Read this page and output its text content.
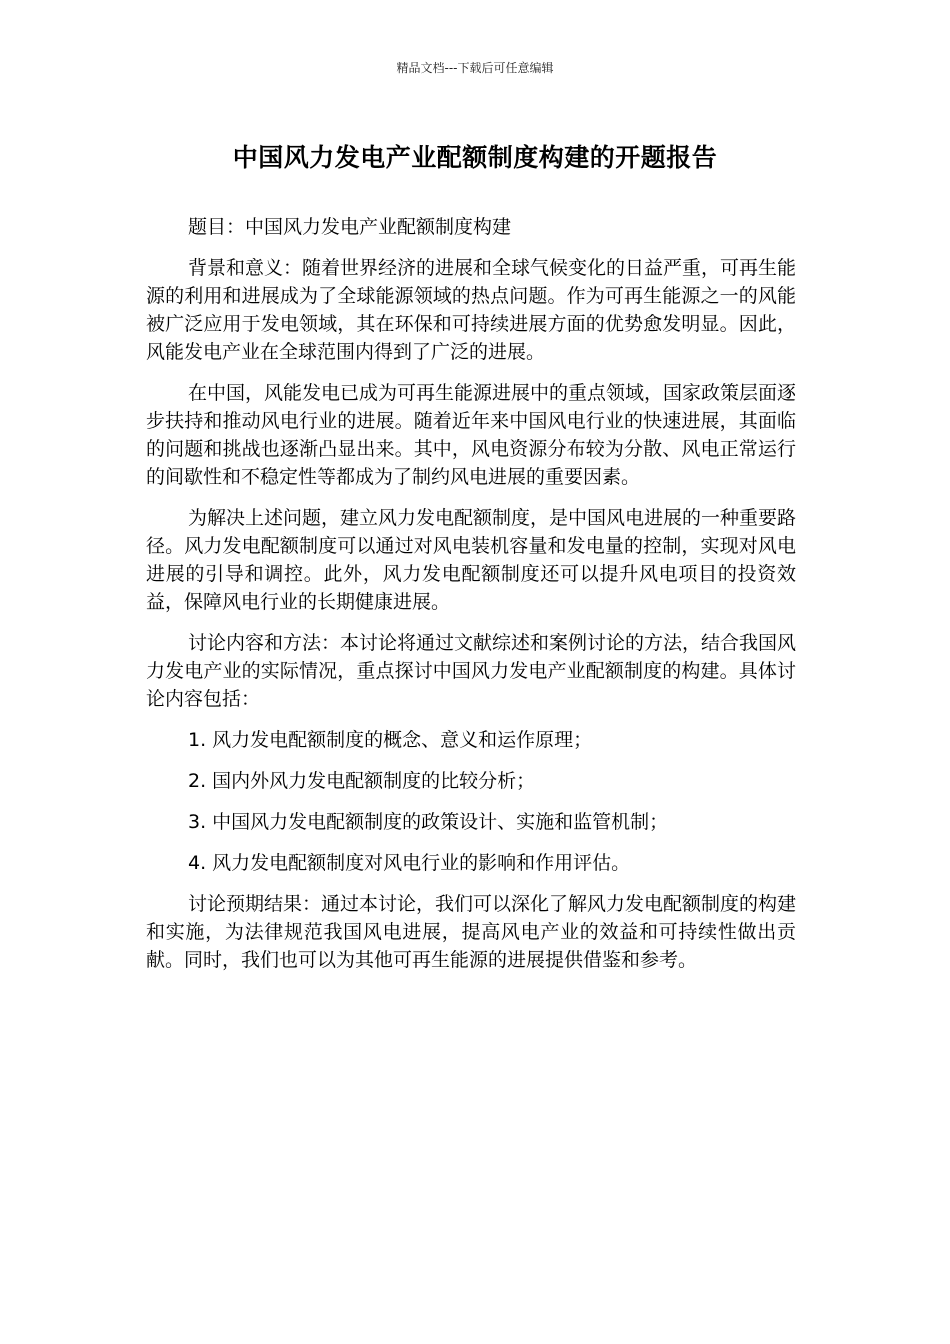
精品文档---下载后可任意编辑
中国风力发电产业配额制度构建的开题报告

题目：中国风力发电产业配额制度构建

背景和意义：随着世界经济的进展和全球气候变化的日益严重，可再生能源的利用和进展成为了全球能源领域的热点问题。作为可再生能源之一的风能被广泛应用于发电领域，其在环保和可持续进展方面的优势愈发明显。因此，风能发电产业在全球范围内得到了广泛的进展。

在中国，风能发电已成为可再生能源进展中的重点领域，国家政策层面逐步扶持和推动风电行业的进展。随着近年来中国风电行业的快速进展，其面临的问题和挑战也逐渐凸显出来。其中，风电资源分布较为分散、风电正常运行的间歇性和不稳定性等都成为了制约风电进展的重要因素。

为解决上述问题，建立风力发电配额制度，是中国风电进展的一种重要路径。风力发电配额制度可以通过对风电装机容量和发电量的控制，实现对风电进展的引导和调控。此外，风力发电配额制度还可以提升风电项目的投资效益，保障风电行业的长期健康进展。

讨论内容和方法：本讨论将通过文献综述和案例讨论的方法，结合我国风力发电产业的实际情况，重点探讨中国风力发电产业配额制度的构建。具体讨论内容包括：

1. 风力发电配额制度的概念、意义和运作原理；
2. 国内外风力发电配额制度的比较分析；
3. 中国风力发电配额制度的政策设计、实施和监管机制；
4. 风力发电配额制度对风电行业的影响和作用评估。

讨论预期结果：通过本讨论，我们可以深化了解风力发电配额制度的构建和实施，为法律规范我国风电进展，提高风电产业的效益和可持续性做出贡献。同时，我们也可以为其他可再生能源的进展提供借鉴和参考。
